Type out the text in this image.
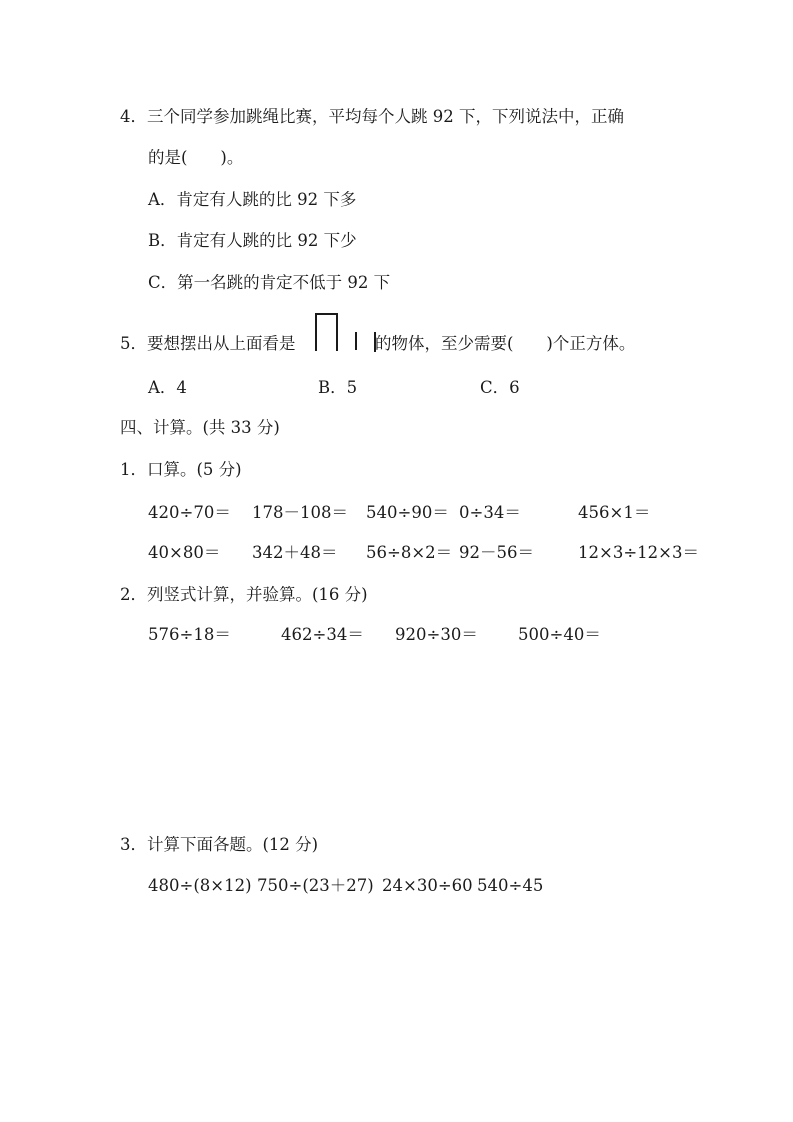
4．三个同学参加跳绳比赛，平均每个人跳 92 下，下列说法中，正确
的是(　　)。
A．肯定有人跳的比 92 下多
B．肯定有人跳的比 92 下少
C．第一名跳的肯定不低于 92 下
5．要想摆出从上面看是	的物体，至少需要(　　)个正方体。
A．4	B．5	C．6
四、计算。(共 33 分)
1．口算。(5 分)
420÷70＝ 178－108＝ 540÷90＝ 0÷34＝	456×1＝
40×80＝ 342＋48＝ 56÷8×2＝ 92－56＝	12×3÷12×3＝
2．列竖式计算，并验算。(16 分)
576÷18＝	462÷34＝ 920÷30＝ 500÷40＝
3．计算下面各题。(12 分)
480÷(8×12) 750÷(23＋27) 24×30÷60 540÷45
